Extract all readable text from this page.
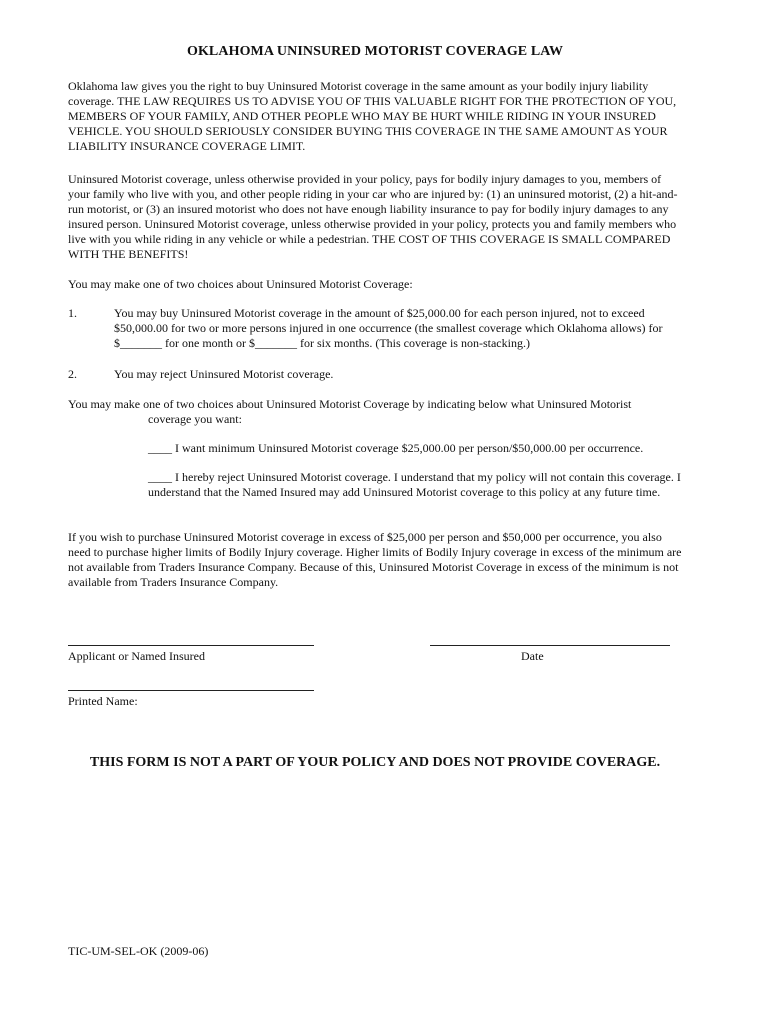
OKLAHOMA UNINSURED MOTORIST COVERAGE LAW

Oklahoma law gives you the right to buy Uninsured Motorist coverage in the same amount as your bodily injury liability coverage. THE LAW REQUIRES US TO ADVISE YOU OF THIS VALUABLE RIGHT FOR THE PROTECTION OF YOU, MEMBERS OF YOUR FAMILY, AND OTHER PEOPLE WHO MAY BE HURT WHILE RIDING IN YOUR INSURED VEHICLE. YOU SHOULD SERIOUSLY CONSIDER BUYING THIS COVERAGE IN THE SAME AMOUNT AS YOUR LIABILITY INSURANCE COVERAGE LIMIT.

Uninsured Motorist coverage, unless otherwise provided in your policy, pays for bodily injury damages to you, members of your family who live with you, and other people riding in your car who are injured by: (1) an uninsured motorist, (2) a hit-and-run motorist, or (3) an insured motorist who does not have enough liability insurance to pay for bodily injury damages to any insured person. Uninsured Motorist coverage, unless otherwise provided in your policy, protects you and family members who live with you while riding in any vehicle or while a pedestrian. THE COST OF THIS COVERAGE IS SMALL COMPARED WITH THE BENEFITS!

You may make one of two choices about Uninsured Motorist Coverage:

1.	You may buy Uninsured Motorist coverage in the amount of $25,000.00 for each person injured, not to exceed $50,000.00 for two or more persons injured in one occurrence (the smallest coverage which Oklahoma allows) for $_______ for one month or $_______ for six months. (This coverage is non-stacking.)
2.	You may reject Uninsured Motorist coverage.

You may make one of two choices about Uninsured Motorist Coverage by indicating below what Uninsured Motorist
coverage you want:

____ I want minimum Uninsured Motorist coverage $25,000.00 per person/$50,000.00 per occurrence.
____ I hereby reject Uninsured Motorist coverage. I understand that my policy will not contain this coverage. I understand that the Named Insured may add Uninsured Motorist coverage to this policy at any future time.

If you wish to purchase Uninsured Motorist coverage in excess of $25,000 per person and $50,000 per occurrence, you also need to purchase higher limits of Bodily Injury coverage. Higher limits of Bodily Injury coverage in excess of the minimum are not available from Traders Insurance Company. Because of this, Uninsured Motorist Coverage in excess of the minimum is not available from Traders Insurance Company.

Applicant or Named Insured	Date
Printed Name:
THIS FORM IS NOT A PART OF YOUR POLICY AND DOES NOT PROVIDE COVERAGE.
TIC-UM-SEL-OK (2009-06)
